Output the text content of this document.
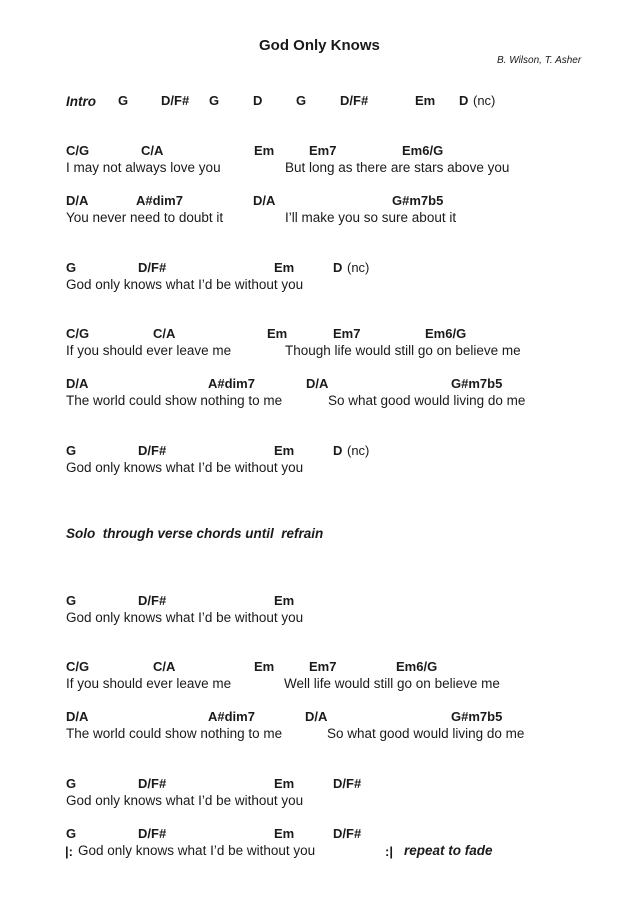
God Only Knows
B. Wilson, T. Asher
Intro G	D/F# G	D	G	D/F#	Em D (nc)
C/G	C/A	Em	Em7	Em6/G
I may not always love you	But long as there are stars above you
D/A	A#dim7	D/A	G#m7b5
You never need to doubt it	I’ll make you so sure about it
G	D/F#	Em	D (nc)
God only knows what I’d be without you
C/G	C/A	Em	Em7	Em6/G
If you should ever leave me	Though life would still go on believe me
D/A	A#dim7	D/A	G#m7b5
The world could show nothing to me	So what good would living do me
G	D/F#	Em	D (nc)
God only knows what I’d be without you
Solo  through verse chords until  refrain
G	D/F#	Em
God only knows what I’d be without you
C/G	C/A	Em	Em7	Em6/G
If you should ever leave me	Well life would still go on believe me
D/A	A#dim7	D/A	G#m7b5
The world could show nothing to me	So what good would living do me
G	D/F#	Em	D/F#
God only knows what I’d be without you
G	D/F#	Em	D/F#
|: God only knows what I’d be without you	:| repeat to fade
